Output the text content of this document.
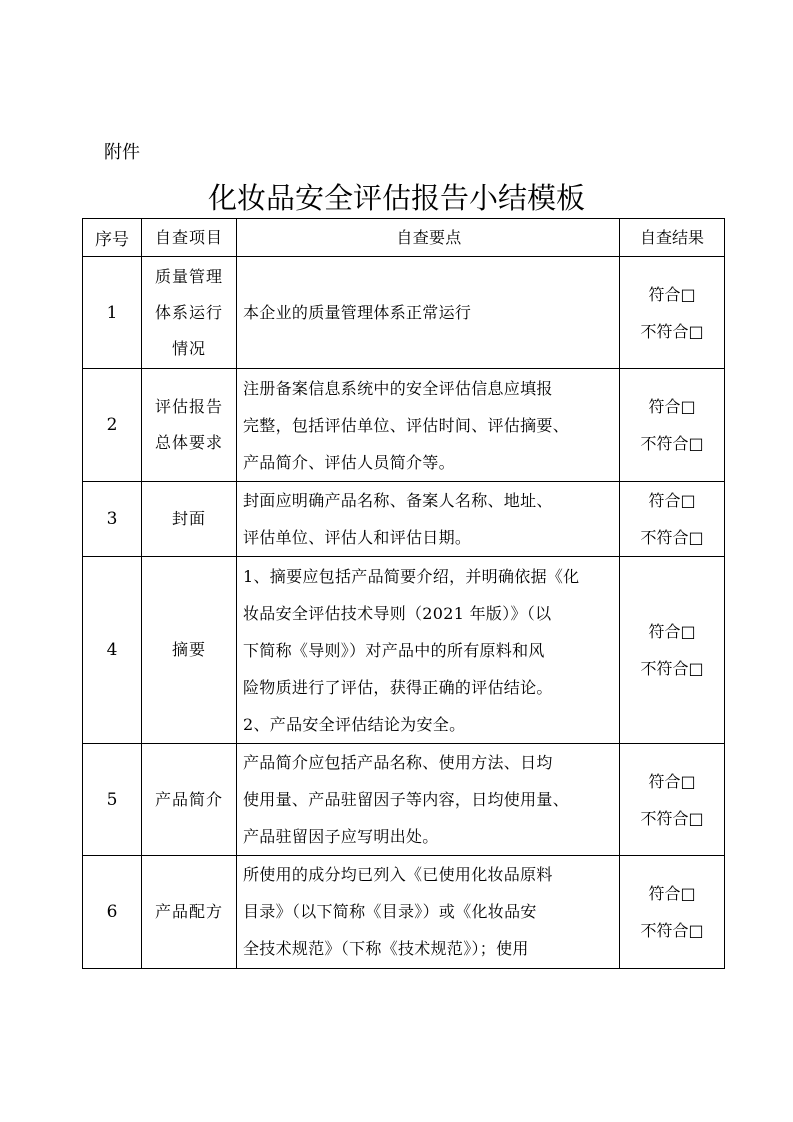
附件
化妆品安全评估报告小结模板
序号	自查项目	自查要点	自查结果
1	质量管理
体系运行
情况	本企业的质量管理体系正常运行	符合□
不符合□

2	评估报告
总体要求	注册备案信息系统中的安全评估信息应填报
完整，包括评估单位、评估时间、评估摘要、
产品简介、评估人员简介等。	符合□
不符合□

3	封面	封面应明确产品名称、备案人名称、地址、
评估单位、评估人和评估日期。	符合□
不符合□

4	摘要	1、摘要应包括产品简要介绍，并明确依据《化
妆品安全评估技术导则（2021 年版）》（以
下简称《导则》）对产品中的所有原料和风
险物质进行了评估，获得正确的评估结论。
2、产品安全评估结论为安全。	符合□
不符合□

5	产品简介	产品简介应包括产品名称、使用方法、日均
使用量、产品驻留因子等内容，日均使用量、
产品驻留因子应写明出处。	符合□
不符合□

6	产品配方	所使用的成分均已列入《已使用化妆品原料
目录》（以下简称《目录》）或《化妆品安
全技术规范》（下称《技术规范》）；使用	符合□
不符合□
